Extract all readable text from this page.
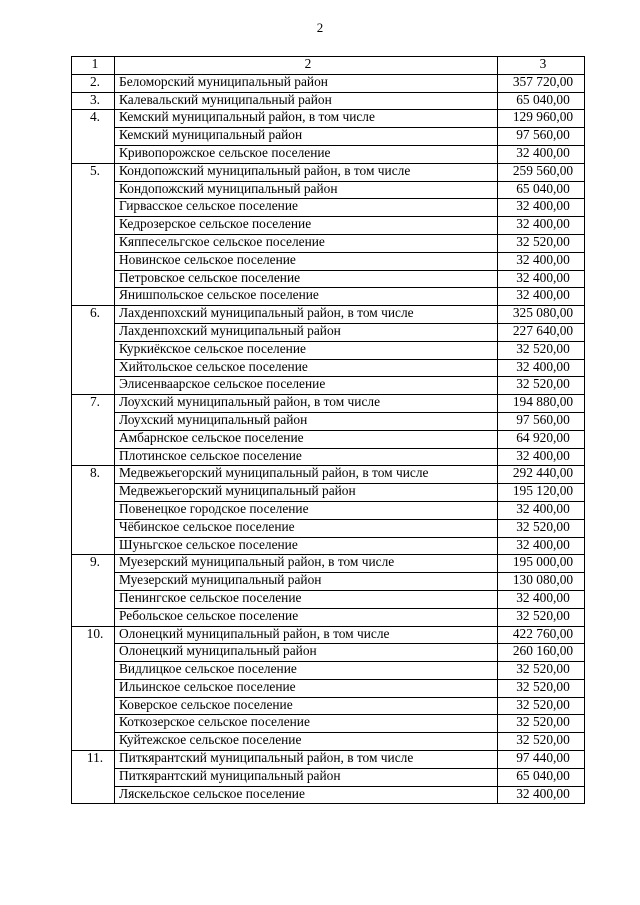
2
1	2	3
2.	Беломорский муниципальный район	357 720,00
3.	Калевальский муниципальный район	65 040,00
4.	Кемский муниципальный район, в том числе	129 960,00
	Кемский муниципальный район	97 560,00
	Кривопорожское сельское поселение	32 400,00
5.	Кондопожский муниципальный район, в том числе	259 560,00
	Кондопожский муниципальный район	65 040,00
	Гирвасское сельское поселение	32 400,00
	Кедрозерское сельское поселение	32 400,00
	Кяппесельгское сельское поселение	32 520,00
	Новинское сельское поселение	32 400,00
	Петровское сельское поселение	32 400,00
	Янишпольское сельское поселение	32 400,00
6.	Лахденпохский муниципальный район, в том числе	325 080,00
	Лахденпохский муниципальный район	227 640,00
	Куркиёкское сельское поселение	32 520,00
	Хийтольское сельское поселение	32 400,00
	Элисенваарское сельское поселение	32 520,00
7.	Лоухский муниципальный район, в том числе	194 880,00
	Лоухский муниципальный район	97 560,00
	Амбарнское сельское поселение	64 920,00
	Плотинское сельское поселение	32 400,00
8.	Медвежьегорский муниципальный район, в том числе	292 440,00
	Медвежьегорский муниципальный район	195 120,00
	Повенецкое городское поселение	32 400,00
	Чёбинское сельское поселение	32 520,00
	Шуньгское сельское поселение	32 400,00
9.	Муезерский муниципальный район, в том числе	195 000,00
	Муезерский муниципальный район	130 080,00
	Пенингское сельское поселение	32 400,00
	Ребольское сельское поселение	32 520,00
10.	Олонецкий муниципальный район, в том числе	422 760,00
	Олонецкий муниципальный район	260 160,00
	Видлицкое сельское поселение	32 520,00
	Ильинское сельское поселение	32 520,00
	Коверское сельское поселение	32 520,00
	Коткозерское сельское поселение	32 520,00
	Куйтежское сельское поселение	32 520,00
11.	Питкярантский муниципальный район, в том числе	97 440,00
	Питкярантский муниципальный район	65 040,00
	Ляскельское сельское поселение	32 400,00
